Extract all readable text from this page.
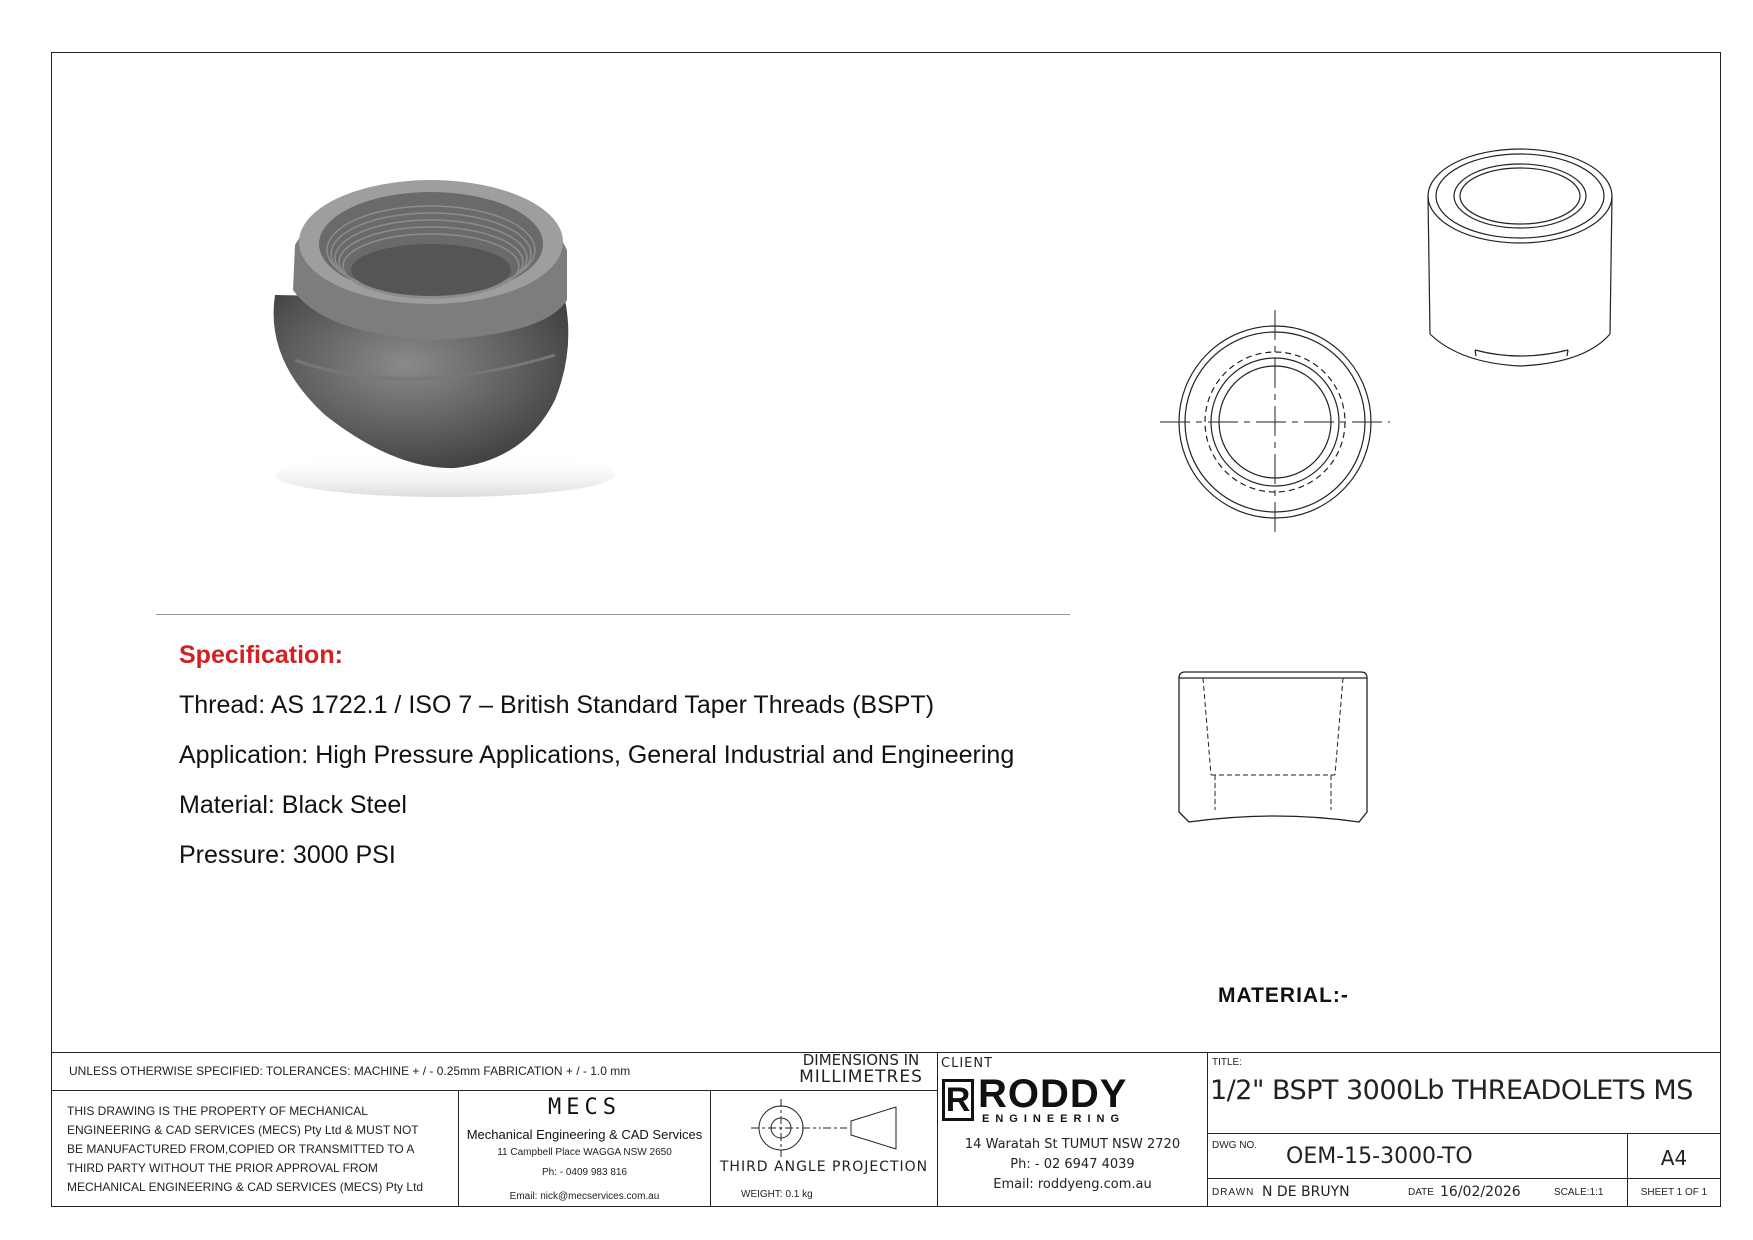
Specification:
Thread: AS 1722.1 / ISO 7 – British Standard Taper Threads (BSPT)
Application: High Pressure Applications, General Industrial and Engineering
Material: Black Steel
Pressure: 3000 PSI
MATERIAL:-
UNLESS OTHERWISE SPECIFIED: TOLERANCES: MACHINE + / - 0.25mm FABRICATION + / - 1.0 mm
DIMENSIONS IN
MILLIMETRES
THIS DRAWING IS THE PROPERTY OF MECHANICAL
ENGINEERING & CAD SERVICES (MECS) Pty Ltd & MUST NOT
BE MANUFACTURED FROM,COPIED OR TRANSMITTED TO A
THIRD PARTY WITHOUT THE PRIOR APPROVAL FROM
MECHANICAL ENGINEERING & CAD SERVICES (MECS) Pty Ltd
MECS
Mechanical Engineering & CAD Services
11 Campbell Place WAGGA NSW 2650
Ph: - 0409 983 816
Email: nick@mecservices.com.au
THIRD ANGLE PROJECTION
WEIGHT: 0.1 kg
CLIENT
R RODDY
ENGINEERING
14 Waratah St TUMUT NSW 2720
Ph: - 02 6947 4039
Email: roddyeng.com.au
TITLE:
1/2" BSPT 3000Lb THREADOLETS MS
DWG NO. OEM-15-3000-TO	A4
DRAWN N DE BRUYN	DATE 16/02/2026	SCALE:1:1	SHEET 1 OF 1
